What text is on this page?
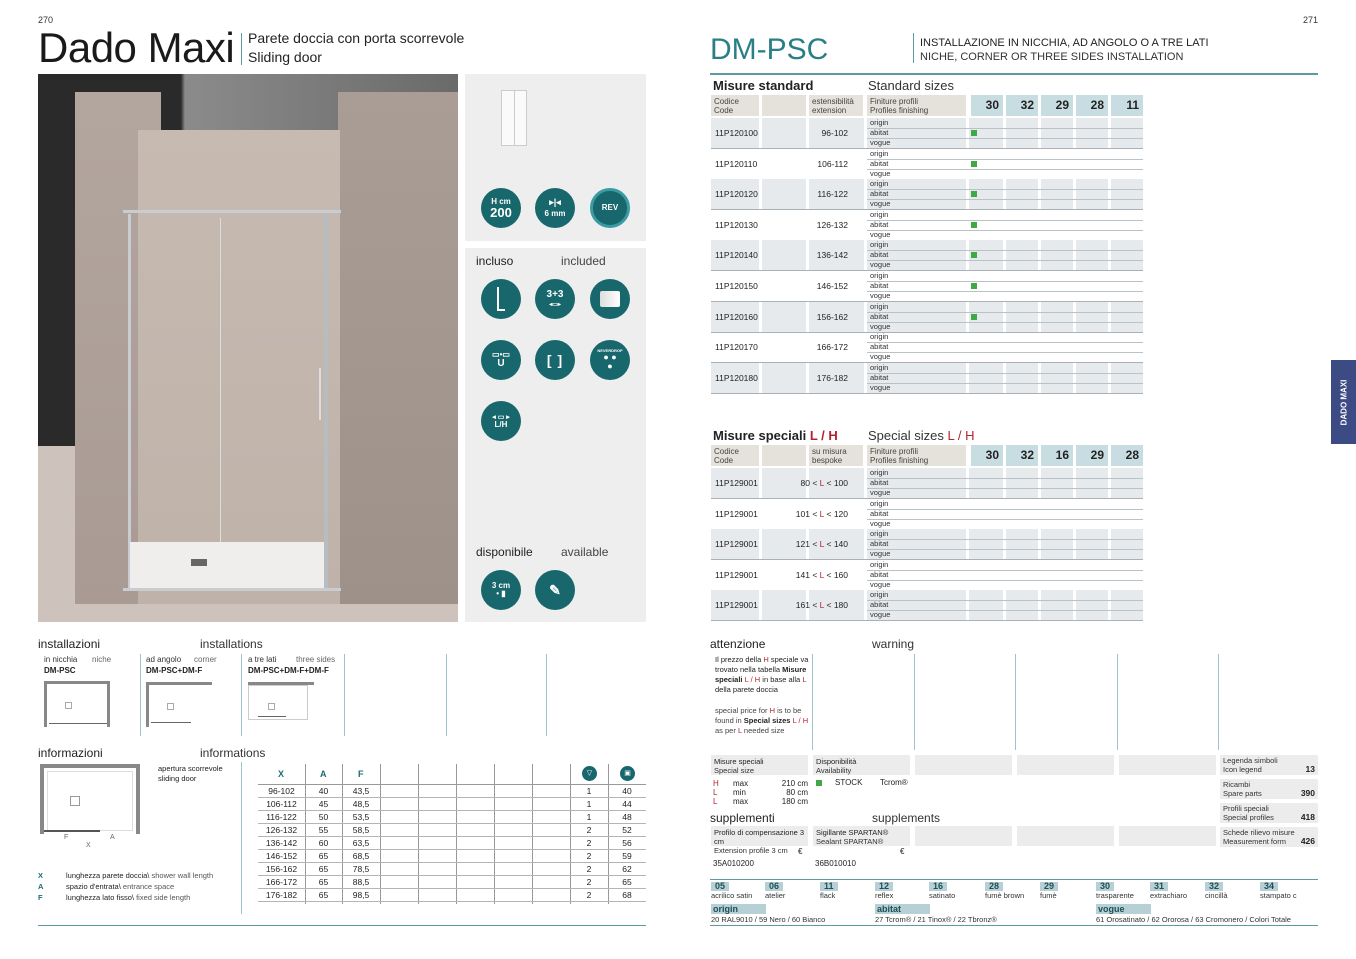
270
Dado Maxi Parete doccia con porta scorrevole
Sliding door
H cm
200
▸|◂
6 mm
REV
incluso	included
3+3
◂▭▸
▭•▭
U	[ ]
NEVERDROP
● ●
●
◂ ▭ ▸
L/H
disponibile available
3 cm
• ▮	✎
installazioni	installations
in nicchia niche
DM-PSC
ad angolo corner
DM-PSC+DM-F
a tre lati three sides
DM-PSC+DM-F+DM-F
informazioni	informations
F	A
X
apertura scorrevole
sliding door
X	lunghezza parete doccia\ shower wall length
A	spazio d'entrata\ entrance space
F	lunghezza lato fisso\ fixed side length
X	A	F	▽	▣
96-102	40	43,5	1	40
106-112	45	48,5	1	44
116-122	50	53,5	1	48
126-132	55	58,5	2	52
136-142	60	63,5	2	56
146-152	65	68,5	2	59
156-162	65	78,5	2	62
166-172	65	88,5	2	65
176-182	65	98,5	2	68
271
DM-PSC	INSTALLAZIONE IN NICCHIA, AD ANGOLO O A TRE LATI
NICHE, CORNER OR THREE SIDES INSTALLATION
DADO MAXI
Misure standard	Standard sizes
Codice
Code
estensibilità
extension
Finiture profili
Profiles finishing	30	32	29	28	11
11P120100	96-102
origin
abitat
vogue
11P120110	106-112
origin
abitat
vogue
11P120120	116-122
origin
abitat
vogue
11P120130	126-132
origin
abitat
vogue
11P120140	136-142
origin
abitat
vogue
11P120150	146-152
origin
abitat
vogue
11P120160	156-162
origin
abitat
vogue
11P120170	166-172
origin
abitat
vogue
11P120180	176-182
origin
abitat
vogue
Misure speciali L / H Special sizes L / H
Codice
Code
su misura
bespoke
Finiture profili
Profiles finishing	30	32	16	29	28
11P129001	80 < L < 100
origin
abitat
vogue
11P129001	101 < L < 120
origin
abitat
vogue
11P129001	121 < L < 140
origin
abitat
vogue
11P129001	141 < L < 160
origin
abitat
vogue
11P129001	161 < L < 180
origin
abitat
vogue
attenzione	warning
Il prezzo della H speciale va trovato nella tabella Misure speciali L / H in base alla L della parete doccia
special price for H is to be found in Special sizes L / H as per L needed size
Misure speciali
Special size
Disponibilità
Availability
H max	210 cm
L min	80 cm
L max	180 cm
STOCK Tcrom®
supplementi	supplements
Profilo di compensazione 3 cm
Extension profile 3 cm
Sigillante SPARTAN®
Sealant SPARTAN®
€	€
35A010200	36B010010
Legenda simboli
Icon legend	13
Ricambi
Spare parts	390
Profili speciali
Special profiles	418
Schede rilievo misure
Measurement form 426
05
acrilico satin
06
atelier
11
flack
12
reflex
16
satinato
28
fumè brown
29
fumè
30
trasparente
31
extrachiaro
32
cincillà
34
stampato c
origin
20 RAL9010 / 59 Nero / 60 Bianco
abitat
27 Tcrom® / 21 Tinox® / 22 Tbronz®
vogue
61 Orosatinato / 62 Ororosa / 63 Cromonero / Colori Totale
